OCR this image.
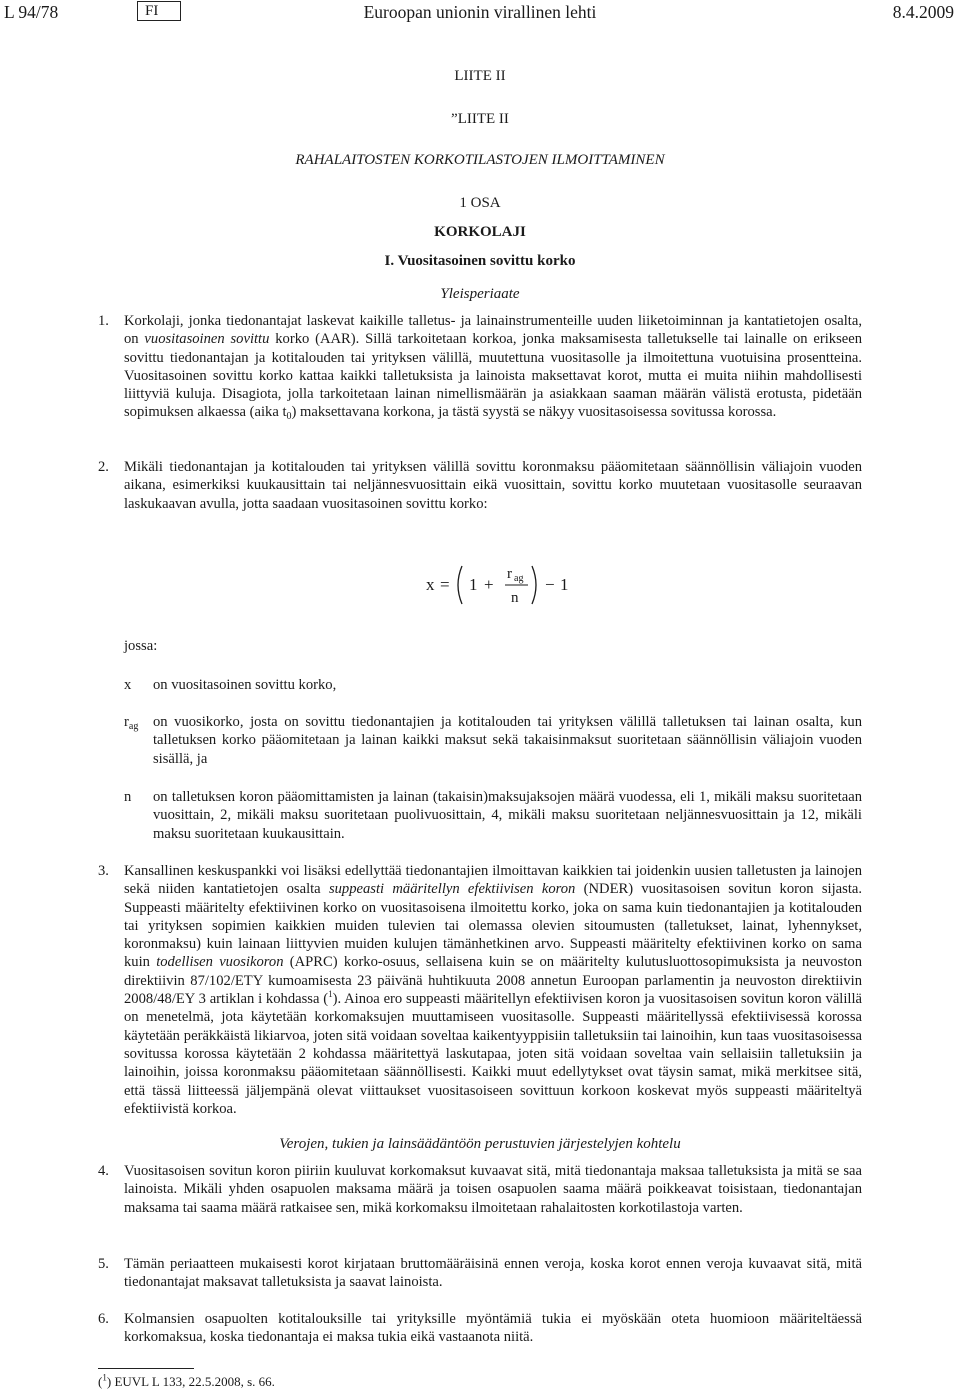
L 94/78	FI	Euroopan unionin virallinen lehti	8.4.2009
LIITE II
”LIITE II
RAHALAITOSTEN KORKOTILASTOJEN ILMOITTAMINEN
1 OSA
KORKOLAJI
I. Vuositasoinen sovittu korko
Yleisperiaate
1. Korkolaji, jonka tiedonantajat laskevat kaikille talletus- ja lainainstrumenteille uuden liiketoiminnan ja kantatietojen osalta, on vuositasoinen sovittu korko (AAR). Sillä tarkoitetaan korkoa, jonka maksamisesta talletukselle tai lainalle on erikseen sovittu tiedonantajan ja kotitalouden tai yrityksen välillä, muutettuna vuositasolle ja ilmoitettuna vuotuisina prosentteina. Vuositasoinen sovittu korko kattaa kaikki talletuksista ja lainoista maksettavat korot, mutta ei muita niihin mahdollisesti liittyviä kuluja. Disagiota, jolla tarkoitetaan lainan nimellismäärän ja asiakkaan saaman määrän välistä erotusta, pidetään sopimuksen alkaessa (aika $t_0$) maksettavana korkona, ja tästä syystä se näkyy vuositasoisessa sovitussa korossa.
2. Mikäli tiedonantajan ja kotitalouden tai yrityksen välillä sovittu koronmaksu pääomitetaan säännöllisin väliajoin vuoden aikana, esimerkiksi kuukausittain tai neljännesvuosittain eikä vuosittain, sovittu korko muutetaan vuositasolle seuraavan laskukaavan avulla, jotta saadaan vuositasoinen sovittu korko:
x = 1 +
r ag
n
− 1
jossa:
x on vuositasoinen sovittu korko,
$r_{ag}$ on vuosikorko, josta on sovittu tiedonantajien ja kotitalouden tai yrityksen välillä talletuksen tai lainan osalta, kun talletuksen korko pääomitetaan ja lainan kaikki maksut sekä takaisinmaksut suoritetaan säännöllisin väliajoin vuoden sisällä, ja
n on talletuksen koron pääomittamisten ja lainan (takaisin)maksujaksojen määrä vuodessa, eli 1, mikäli maksu suoritetaan vuosittain, 2, mikäli maksu suoritetaan puolivuosittain, 4, mikäli maksu suoritetaan neljännesvuosittain ja 12, mikäli maksu suoritetaan kuukausittain.
3. Kansallinen keskuspankki voi lisäksi edellyttää tiedonantajien ilmoittavan kaikkien tai joidenkin uusien talletusten ja lainojen sekä niiden kantatietojen osalta suppeasti määritellyn efektiivisen koron (NDER) vuositasoisen sovitun koron sijasta. Suppeasti määritelty efektiivinen korko on vuositasoisena ilmoitettu korko, joka on sama kuin tiedonantajien ja kotitalouden tai yrityksen sopimien kaikkien muiden tulevien tai olemassa olevien sitoumusten (talletukset, lainat, lyhennykset, koronmaksu) kuin lainaan liittyvien muiden kulujen tämänhetkinen arvo. Suppeasti määritelty efektiivinen korko on sama kuin todellisen vuosikoron (APRC) korko-osuus, sellaisena kuin se on määritelty kulutusluottosopimuksista ja neuvoston direktiivin 87/102/ETY kumoamisesta 23 päivänä huhtikuuta 2008 annetun Euroopan parlamentin ja neuvoston direktiivin 2008/48/EY 3 artiklan i kohdassa ($^1$). Ainoa ero suppeasti määritellyn efektiivisen koron ja vuositasoisen sovitun koron välillä on menetelmä, jota käytetään korkomaksujen muuttamiseen vuositasolle. Suppeasti määritellyssä efektiivisessä korossa käytetään peräkkäistä likiarvoa, joten sitä voidaan soveltaa kaikentyyppisiin talletuksiin tai lainoihin, kun taas vuositasoisessa sovitussa korossa käytetään 2 kohdassa määritettyä laskutapaa, joten sitä voidaan soveltaa vain sellaisiin talletuksiin ja lainoihin, joissa koronmaksu pääomitetaan säännöllisesti. Kaikki muut edellytykset ovat täysin samat, mikä merkitsee sitä, että tässä liitteessä jäljempänä olevat viittaukset vuositasoiseen sovittuun korkoon koskevat myös suppeasti määriteltyä efektiivistä korkoa.
Verojen, tukien ja lainsäädäntöön perustuvien järjestelyjen kohtelu
4. Vuositasoisen sovitun koron piiriin kuuluvat korkomaksut kuvaavat sitä, mitä tiedonantaja maksaa talletuksista ja mitä se saa lainoista. Mikäli yhden osapuolen maksama määrä ja toisen osapuolen saama määrä poikkeavat toisistaan, tiedonantajan maksama tai saama määrä ratkaisee sen, mikä korkomaksu ilmoitetaan rahalaitosten korkotilastoja varten.
5. Tämän periaatteen mukaisesti korot kirjataan bruttomääräisinä ennen veroja, koska korot ennen veroja kuvaavat sitä, mitä tiedonantajat maksavat talletuksista ja saavat lainoista.
6. Kolmansien osapuolten kotitalouksille tai yrityksille myöntämiä tukia ei myöskään oteta huomioon määriteltäessä korkomaksua, koska tiedonantaja ei maksa tukia eikä vastaanota niitä.
($^1$) EUVL L 133, 22.5.2008, s. 66.
